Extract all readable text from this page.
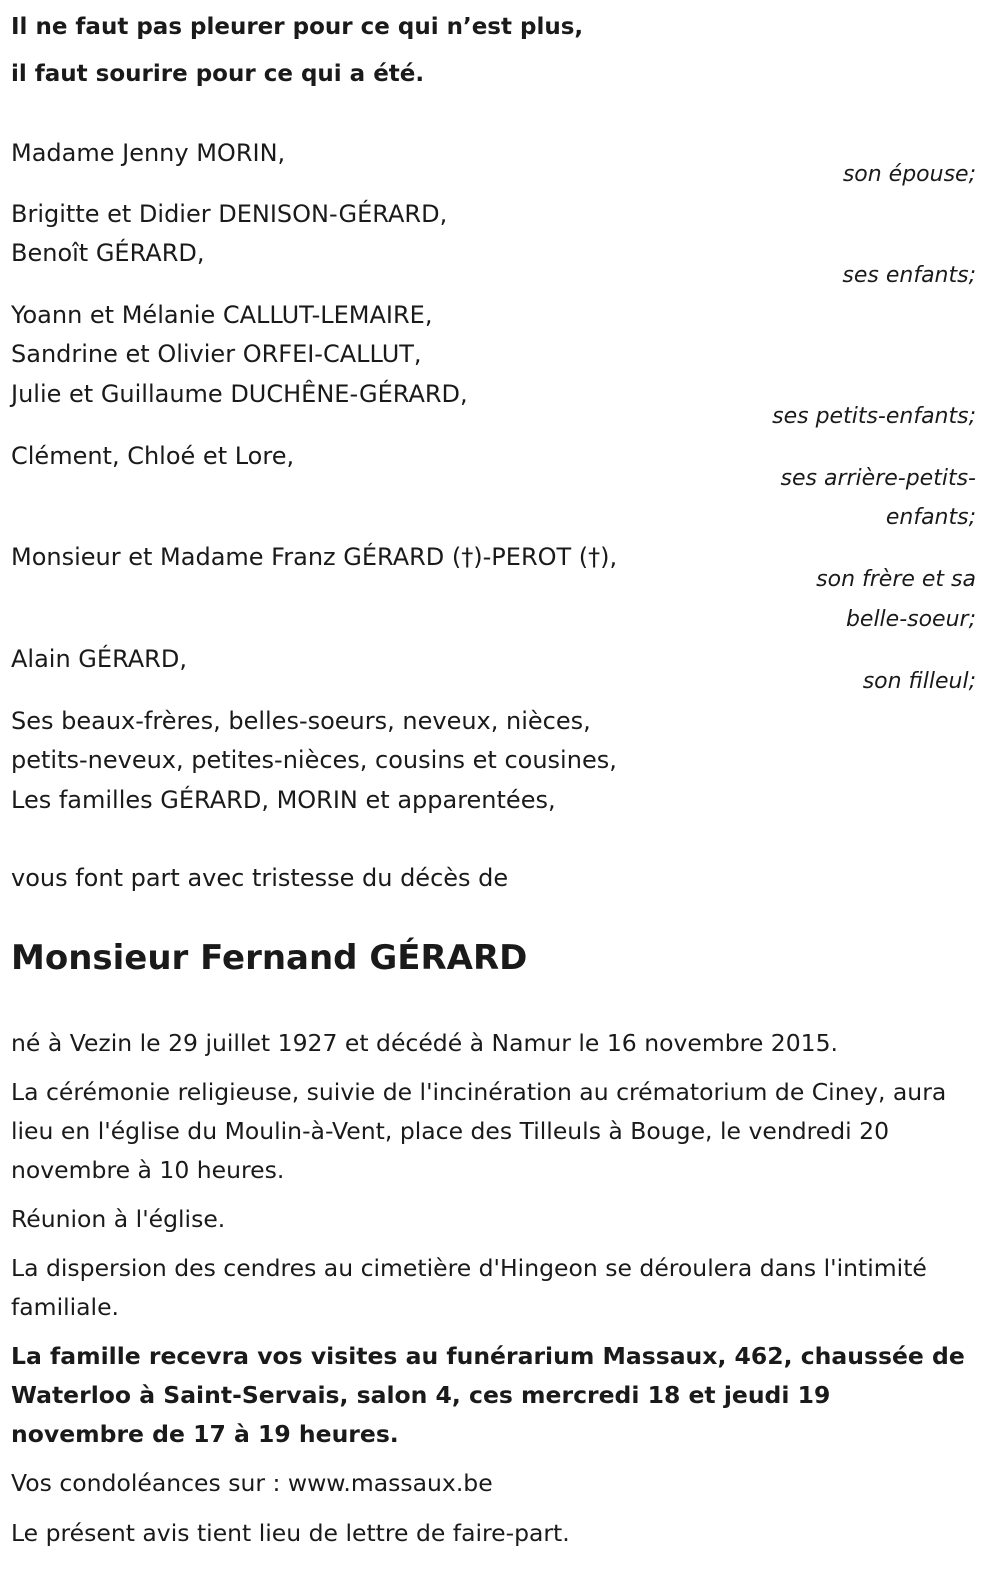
Il ne faut pas pleurer pour ce qui n’est plus,
il faut sourire pour ce qui a été.
Madame Jenny MORIN,
son épouse;
Brigitte et Didier DENISON-GÉRARD,
Benoît GÉRARD,
ses enfants;
Yoann et Mélanie CALLUT-LEMAIRE,
Sandrine et Olivier ORFEI-CALLUT,
Julie et Guillaume DUCHÊNE-GÉRARD,
ses petits-enfants;
Clément, Chloé et Lore,
ses arrière-petits-
enfants;
Monsieur et Madame Franz GÉRARD (†)-PEROT (†),
son frère et sa
belle-soeur;
Alain GÉRARD,
son filleul;
Ses beaux-frères, belles-soeurs, neveux, nièces,
petits-neveux, petites-nièces, cousins et cousines,
Les familles GÉRARD, MORIN et apparentées,
vous font part avec tristesse du décès de
Monsieur Fernand GÉRARD
né à Vezin le 29 juillet 1927 et décédé à Namur le 16 novembre 2015.
La cérémonie religieuse, suivie de l'incinération au crématorium de Ciney, aura lieu en l'église du Moulin-à-Vent, place des Tilleuls à Bouge, le vendredi 20 novembre à 10 heures.
Réunion à l'église.
La dispersion des cendres au cimetière d'Hingeon se déroulera dans l'intimité familiale.
La famille recevra vos visites au funérarium Massaux, 462, chaussée de Waterloo à Saint-Servais, salon 4, ces mercredi 18 et jeudi 19 novembre de 17 à 19 heures.
Vos condoléances sur : www.massaux.be
Le présent avis tient lieu de lettre de faire-part.
